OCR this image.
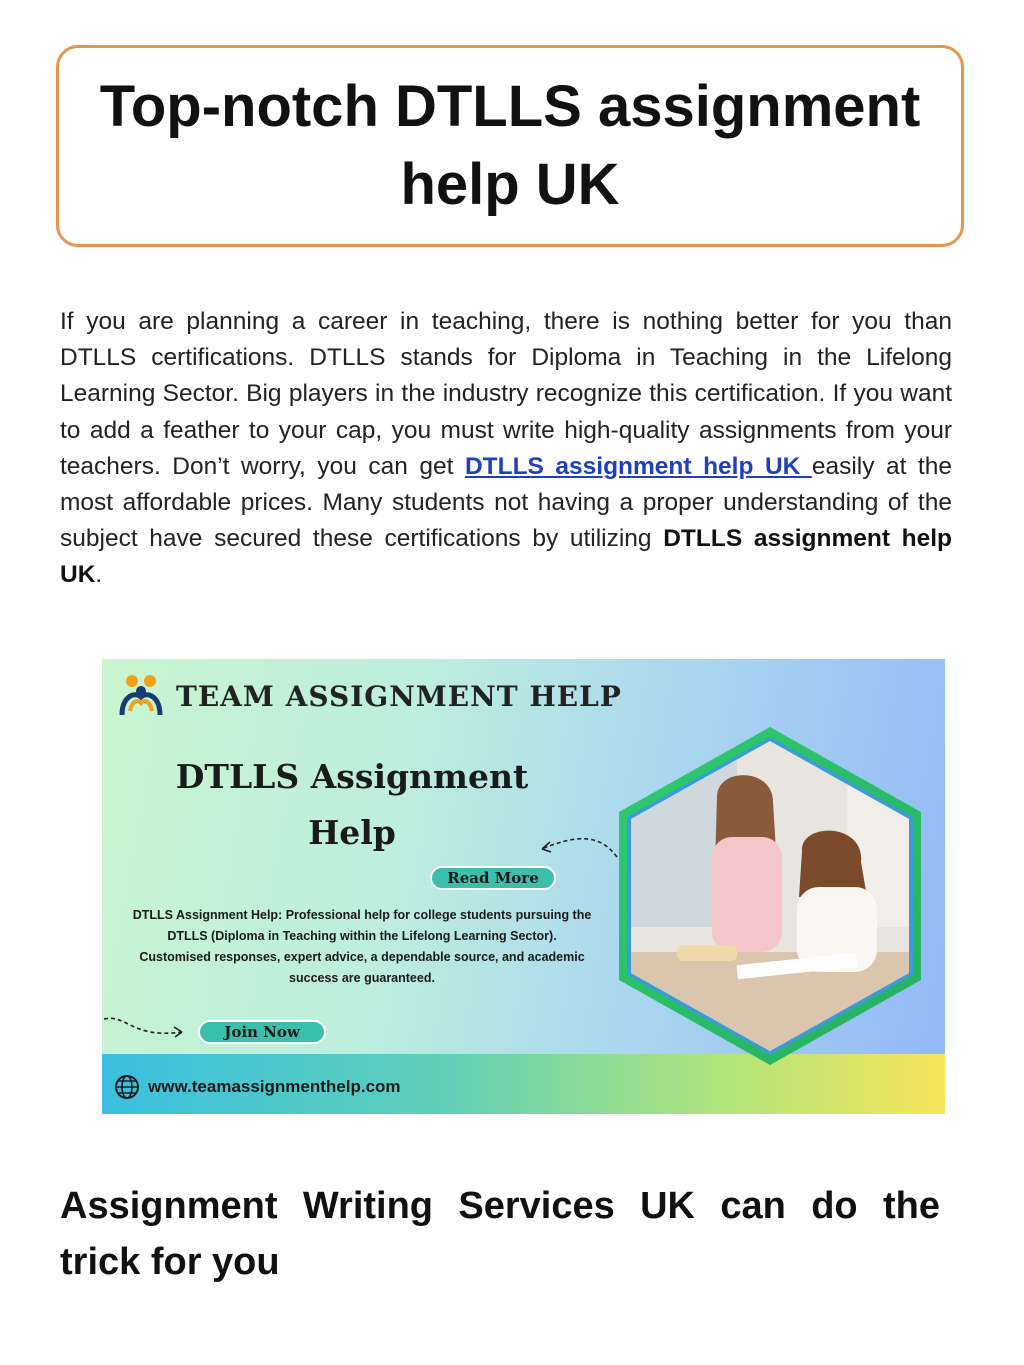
Top-notch DTLLS assignment help UK

If you are planning a career in teaching, there is nothing better for you than DTLLS certifications. DTLLS stands for Diploma in Teaching in the Lifelong Learning Sector. Big players in the industry recognize this certification. If you want to add a feather to your cap, you must write high-quality assignments from your teachers. Don’t worry, you can get DTLLS assignment help UK easily at the most affordable prices. Many students not having a proper understanding of the subject have secured these certifications by utilizing DTLLS assignment help UK.

TEAM ASSIGNMENT HELP
DTLLS Assignment Help
Read More
DTLLS Assignment Help: Professional help for college students pursuing the DTLLS (Diploma in Teaching within the Lifelong Learning Sector). Customised responses, expert advice, a dependable source, and academic success are guaranteed.
Join Now
www.teamassignmenthelp.com
Assignment Writing Services UK can do the trick for you
